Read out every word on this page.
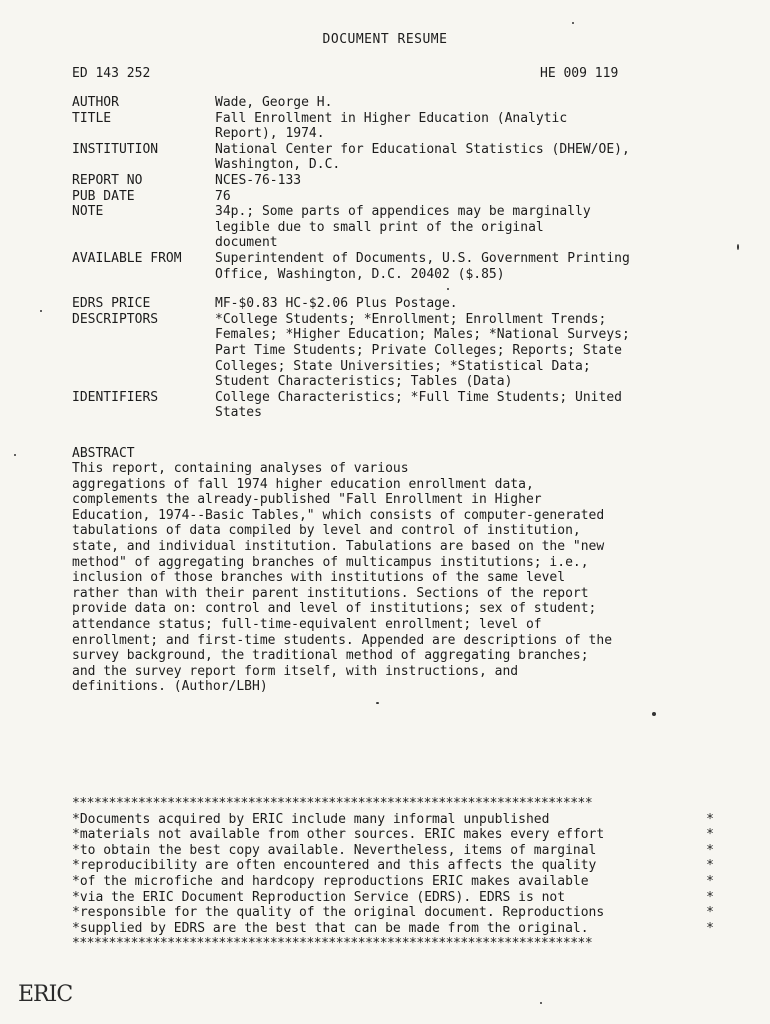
DOCUMENT RESUME
ED 143 252	HE 009 119
AUTHOR	Wade, George H.
TITLE	Fall Enrollment in Higher Education (Analytic
Report), 1974.
INSTITUTION	National Center for Educational Statistics (DHEW/OE),
Washington, D.C.
REPORT NO	NCES-76-133
PUB DATE	76
NOTE	34p.; Some parts of appendices may be marginally
legible due to small print of the original
document
AVAILABLE FROM	Superintendent of Documents, U.S. Government Printing
Office, Washington, D.C. 20402 ($.85)
EDRS PRICE	MF-$0.83 HC-$2.06 Plus Postage.
DESCRIPTORS	*College Students; *Enrollment; Enrollment Trends;
Females; *Higher Education; Males; *National Surveys;
Part Time Students; Private Colleges; Reports; State
Colleges; State Universities; *Statistical Data;
Student Characteristics; Tables (Data)
IDENTIFIERS	College Characteristics; *Full Time Students; United
States
ABSTRACT
This report, containing analyses of various
aggregations of fall 1974 higher education enrollment data,
complements the already-published "Fall Enrollment in Higher
Education, 1974--Basic Tables," which consists of computer-generated
tabulations of data compiled by level and control of institution,
state, and individual institution. Tabulations are based on the "new
method" of aggregating branches of multicampus institutions; i.e.,
inclusion of those branches with institutions of the same level
rather than with their parent institutions. Sections of the report
provide data on: control and level of institutions; sex of student;
attendance status; full-time-equivalent enrollment; level of
enrollment; and first-time students. Appended are descriptions of the
survey background, the traditional method of aggregating branches;
and the survey report form itself, with instructions, and
definitions. (Author/LBH)
***********************************************************************
* Documents acquired by ERIC include many informal unpublished	*
* materials not available from other sources. ERIC makes every effort	*
* to obtain the best copy available. Nevertheless, items of marginal	*
* reproducibility are often encountered and this affects the quality	*
* of the microfiche and hardcopy reproductions ERIC makes available	*
* via the ERIC Document Reproduction Service (EDRS). EDRS is not	*
* responsible for the quality of the original document. Reproductions	*
* supplied by EDRS are the best that can be made from the original.	*
***********************************************************************
ERIC
